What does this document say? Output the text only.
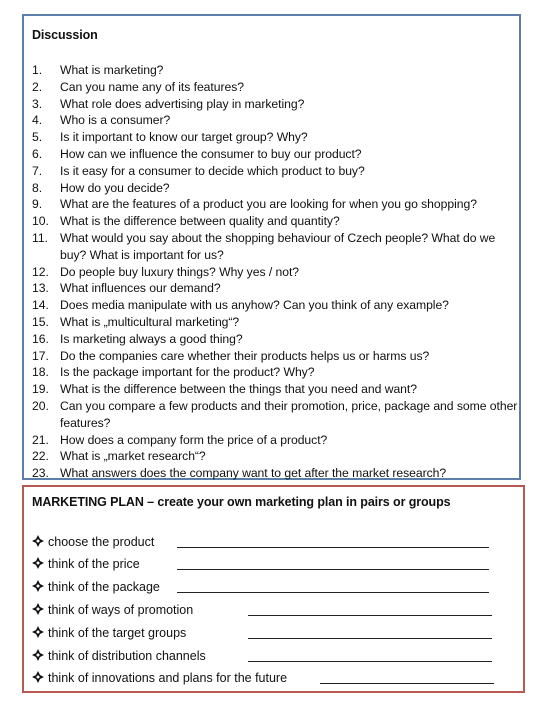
Discussion
1.	What is marketing?
2.	Can you name any of its features?
3.	What role does advertising play in marketing?
4.	Who is a consumer?
5.	Is it important to know our target group? Why?
6.	How can we influence the consumer to buy our product?
7.	Is it easy for a consumer to decide which product to buy?
8.	How do you decide?
9.	What are the features of a product you are looking for when you go shopping?
10. What is the difference between quality and quantity?
11. What would you say about the shopping behaviour of Czech people? What do we buy? What is important for us?
12. Do people buy luxury things? Why yes / not?
13. What influences our demand?
14. Does media manipulate with us anyhow? Can you think of any example?
15. What is „multicultural marketing“?
16. Is marketing always a good thing?
17. Do the companies care whether their products helps us or harms us?
18. Is the package important for the product? Why?
19. What is the difference between the things that you need and want?
20. Can you compare a few products and their promotion, price, package and some other features?
21. How does a company form the price of a product?
22. What is „market research“?
23. What answers does the company want to get after the market research?
MARKETING PLAN – create your own marketing plan in pairs or groups
choose the product
think of the price
think of the package
think of ways of promotion
think of the target groups
think of distribution channels
think of innovations and plans for the future
